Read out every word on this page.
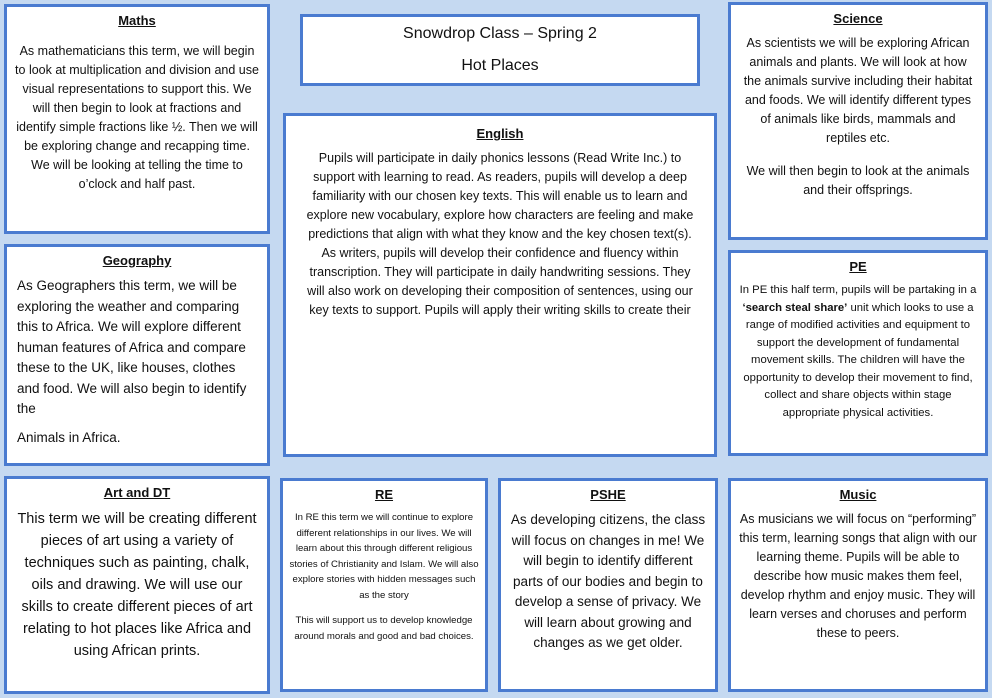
Snowdrop Class – Spring 2
Hot Places
Maths

As mathematicians this term, we will begin to look at multiplication and division and use visual representations to support this. We will then begin to look at fractions and identify simple fractions like ½. Then we will be exploring change and recapping time. We will be looking at telling the time to o’clock and half past.

Science

As scientists we will be exploring African animals and plants. We will look at how the animals survive including their habitat and foods. We will identify different types of animals like birds, mammals and reptiles etc.

We will then begin to look at the animals and their offsprings.

English

Pupils will participate in daily phonics lessons (Read Write Inc.) to support with learning to read. As readers, pupils will develop a deep familiarity with our chosen key texts. This will enable us to learn and explore new vocabulary, explore how characters are feeling and make predictions that align with what they know and the key chosen text(s). As writers, pupils will develop their confidence and fluency within transcription. They will participate in daily handwriting sessions. They will also work on developing their composition of sentences, using our key texts to support. Pupils will apply their writing skills to create their

Geography

As Geographers this term, we will be exploring the weather and comparing this to Africa. We will explore different human features of Africa and compare these to the UK, like houses, clothes and food. We will also begin to identify the

Animals in Africa.

PE

In PE this half term, pupils will be partaking in a ‘search steal share’ unit which looks to use a range of modified activities and equipment to support the development of fundamental movement skills. The children will have the opportunity to develop their movement to find, collect and share objects within stage appropriate physical activities.

Art and DT

This term we will be creating different pieces of art using a variety of techniques such as painting, chalk, oils and drawing. We will use our skills to create different pieces of art relating to hot places like Africa and using African prints.

RE

In RE this term we will continue to explore different relationships in our lives. We will learn about this through different religious stories of Christianity and Islam. We will also explore stories with hidden messages such as the story

This will support us to develop knowledge around morals and good and bad choices.

PSHE

As developing citizens, the class will focus on changes in me! We will begin to identify different parts of our bodies and begin to develop a sense of privacy. We will learn about growing and changes as we get older.

Music

As musicians we will focus on “performing” this term, learning songs that align with our learning theme. Pupils will be able to describe how music makes them feel, develop rhythm and enjoy music. They will learn verses and choruses and perform these to peers.
